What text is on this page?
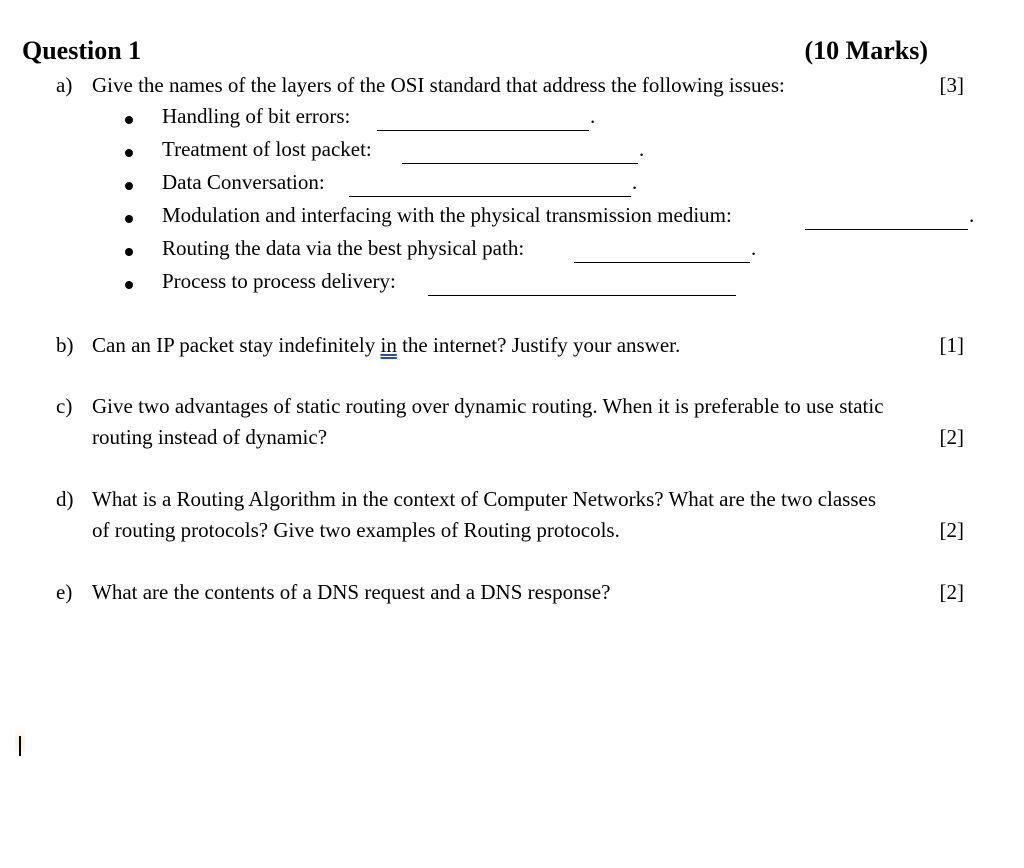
Question 1	(10 Marks)
a) Give the names of the layers of the OSI standard that address the following issues:	[3]
Handling of bit errors:	.
Treatment of lost packet:	.
Data Conversation:	.
Modulation and interfacing with the physical transmission medium:	.
Routing the data via the best physical path:	.
Process to process delivery:
b) Can an IP packet stay indefinitely in the internet? Justify your answer.	[1]
c) Give two advantages of static routing over dynamic routing. When it is preferable to use static
routing instead of dynamic?	[2]
d) What is a Routing Algorithm in the context of Computer Networks? What are the two classes
of routing protocols? Give two examples of Routing protocols.	[2]
e) What are the contents of a DNS request and a DNS response?	[2]
